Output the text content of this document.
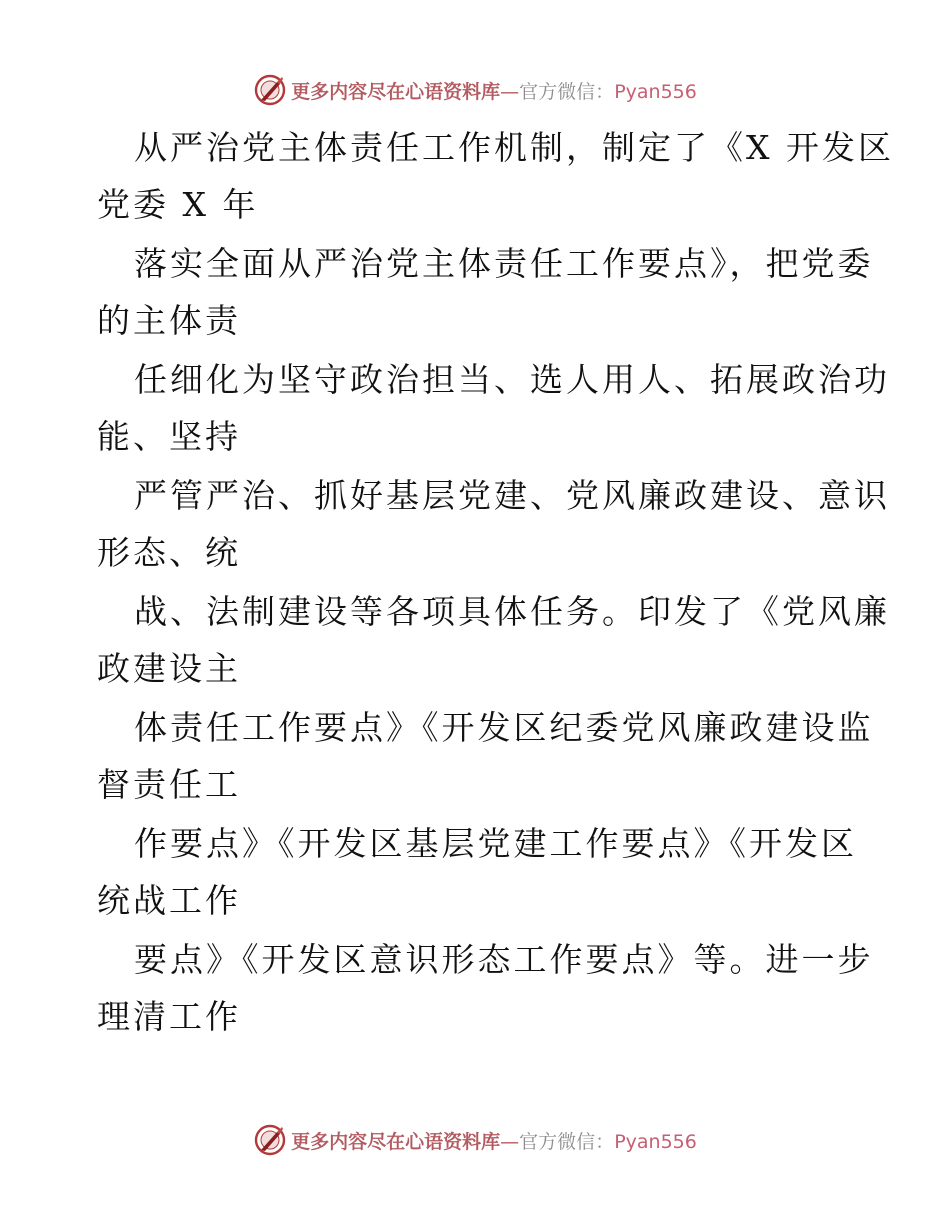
更多内容尽在心语资料库—官方微信：Pyan556
从严治党主体责任工作机制，制定了《X 开发区
党委 X 年
落实全面从严治党主体责任工作要点》，把党委
的主体责
任细化为坚守政治担当、选人用人、拓展政治功
能、坚持
严管严治、抓好基层党建、党风廉政建设、意识
形态、统
战、法制建设等各项具体任务。印发了《党风廉
政建设主
体责任工作要点》《开发区纪委党风廉政建设监
督责任工
作要点》《开发区基层党建工作要点》《开发区
统战工作
要点》《开发区意识形态工作要点》等。进一步
理清工作
更多内容尽在心语资料库—官方微信：Pyan556
